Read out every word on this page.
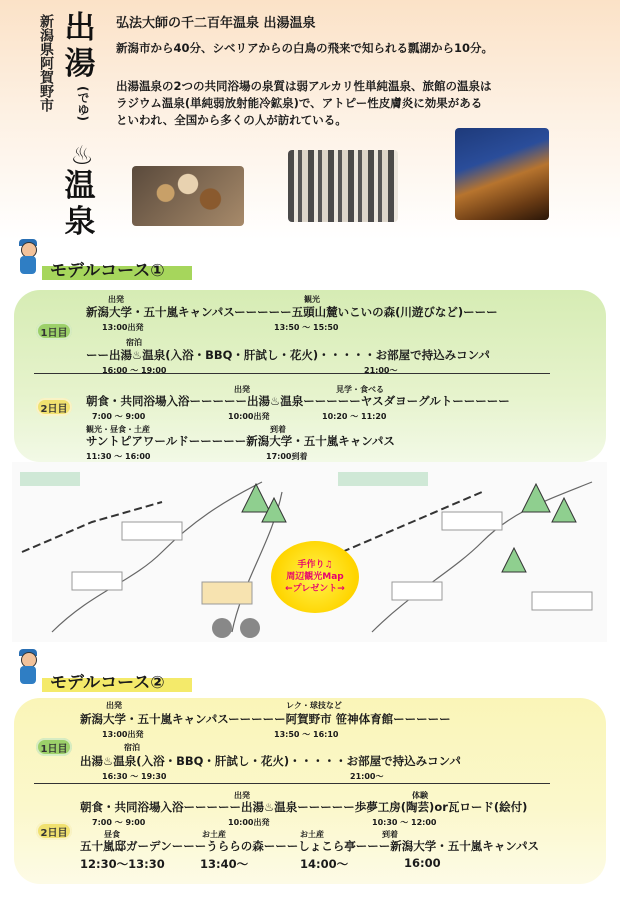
新潟県阿賀野市 出
湯
(でゆ)
♨
温
泉
弘法大師の千二百年温泉 出湯温泉
新潟市から40分、シベリアからの白鳥の飛来で知られる瓢湖から10分。
出湯温泉の2つの共同浴場の泉質は弱アルカリ性単純温泉、旅館の温泉は
ラジウム温泉(単純弱放射能冷鉱泉)で、アトピー性皮膚炎に効果がある
といわれ、全国から多くの人が訪れている。
モデルコース①
1日目
出発	観光
新潟大学・五十嵐キャンパスーーーーー五頭山麓いこいの森(川遊びなど)ーーー
13:00出発	13:50 〜 15:50
宿泊
ーー出湯♨温泉(入浴・BBQ・肝試し・花火)・・・・・お部屋で持込みコンパ
16:00 〜 19:00	21:00〜
2日目
出発	見学・食べる
朝食・共同浴場入浴ーーーーー出湯♨温泉ーーーーーヤスダヨーグルトーーーーー
7:00 〜 9:00	10:00出発	10:20 〜 11:20
観光・昼食・土産	到着
サントピアワールドーーーーー新潟大学・五十嵐キャンパス
11:30 〜 16:00	17:00到着
手作り♫
周辺観光Map
←プレゼント→
モデルコース②
1日目
出発	レク・球技など
新潟大学・五十嵐キャンパスーーーーー阿賀野市 笹神体育館ーーーーー
13:00出発	13:50 〜 16:10
宿泊
出湯♨温泉(入浴・BBQ・肝試し・花火)・・・・・お部屋で持込みコンパ
16:30 〜 19:30	21:00〜
2日目
出発	体験
朝食・共同浴場入浴ーーーーー出湯♨温泉ーーーーー歩夢工房(陶芸)or瓦ロード(絵付)
7:00 〜 9:00	10:00出発	10:30 〜 12:00
昼食	お土産	お土産	到着
五十嵐邸ガーデンーーーうららの森ーーーしょこら亭ーーー新潟大学・五十嵐キャンパス
12:30〜13:30	13:40〜	14:00〜	16:00
